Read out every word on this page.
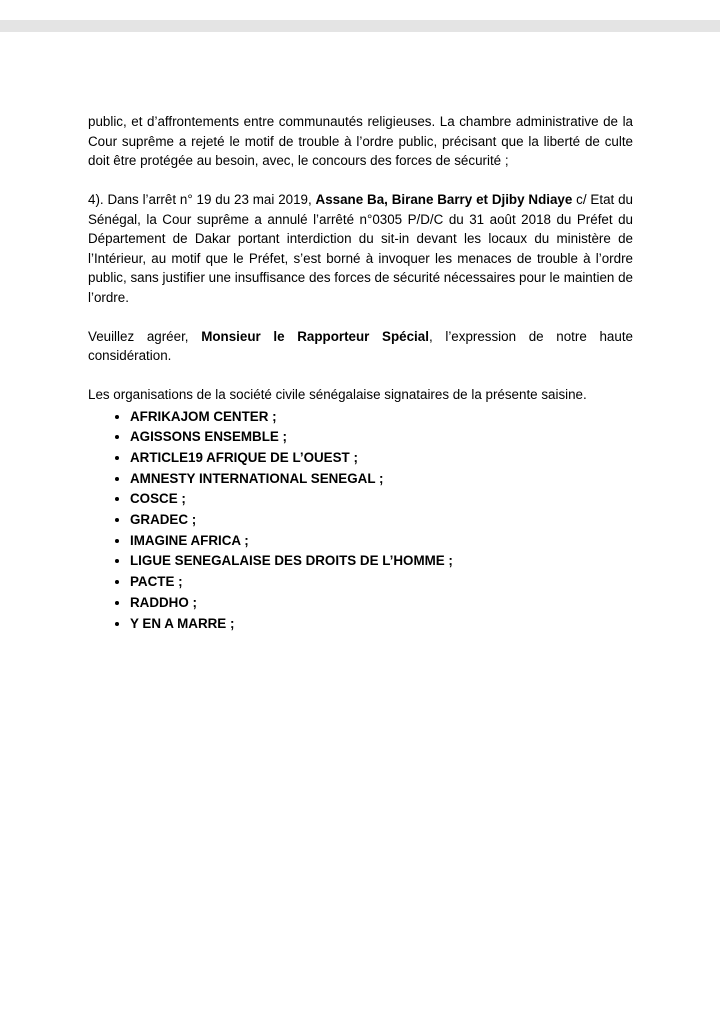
public, et d’affrontements entre communautés religieuses. La chambre administrative de la Cour suprême a rejeté le motif de trouble à l’ordre public, précisant que la liberté de culte doit être protégée au besoin, avec, le concours des forces de sécurité ;

4). Dans l’arrêt n° 19 du 23 mai 2019, Assane Ba, Birane Barry et Djiby Ndiaye c/ Etat du Sénégal, la Cour suprême a annulé l’arrêté n°0305 P/D/C du 31 août 2018 du Préfet du Département de Dakar portant interdiction du sit-in devant les locaux du ministère de l’Intérieur, au motif que le Préfet, s’est borné à invoquer les menaces de trouble à l’ordre public, sans justifier une insuffisance des forces de sécurité nécessaires pour le maintien de l’ordre.

Veuillez agréer, Monsieur le Rapporteur Spécial, l’expression de notre haute considération.

Les organisations de la société civile sénégalaise signataires de la présente saisine.

• AFRIKAJOM CENTER ;
• AGISSONS ENSEMBLE ;
• ARTICLE19 AFRIQUE DE L’OUEST ;
• AMNESTY INTERNATIONAL SENEGAL ;
• COSCE ;
• GRADEC ;
• IMAGINE AFRICA ;
• LIGUE SENEGALAISE DES DROITS DE L’HOMME ;
• PACTE ;
• RADDHO ;
• Y EN A MARRE ;
